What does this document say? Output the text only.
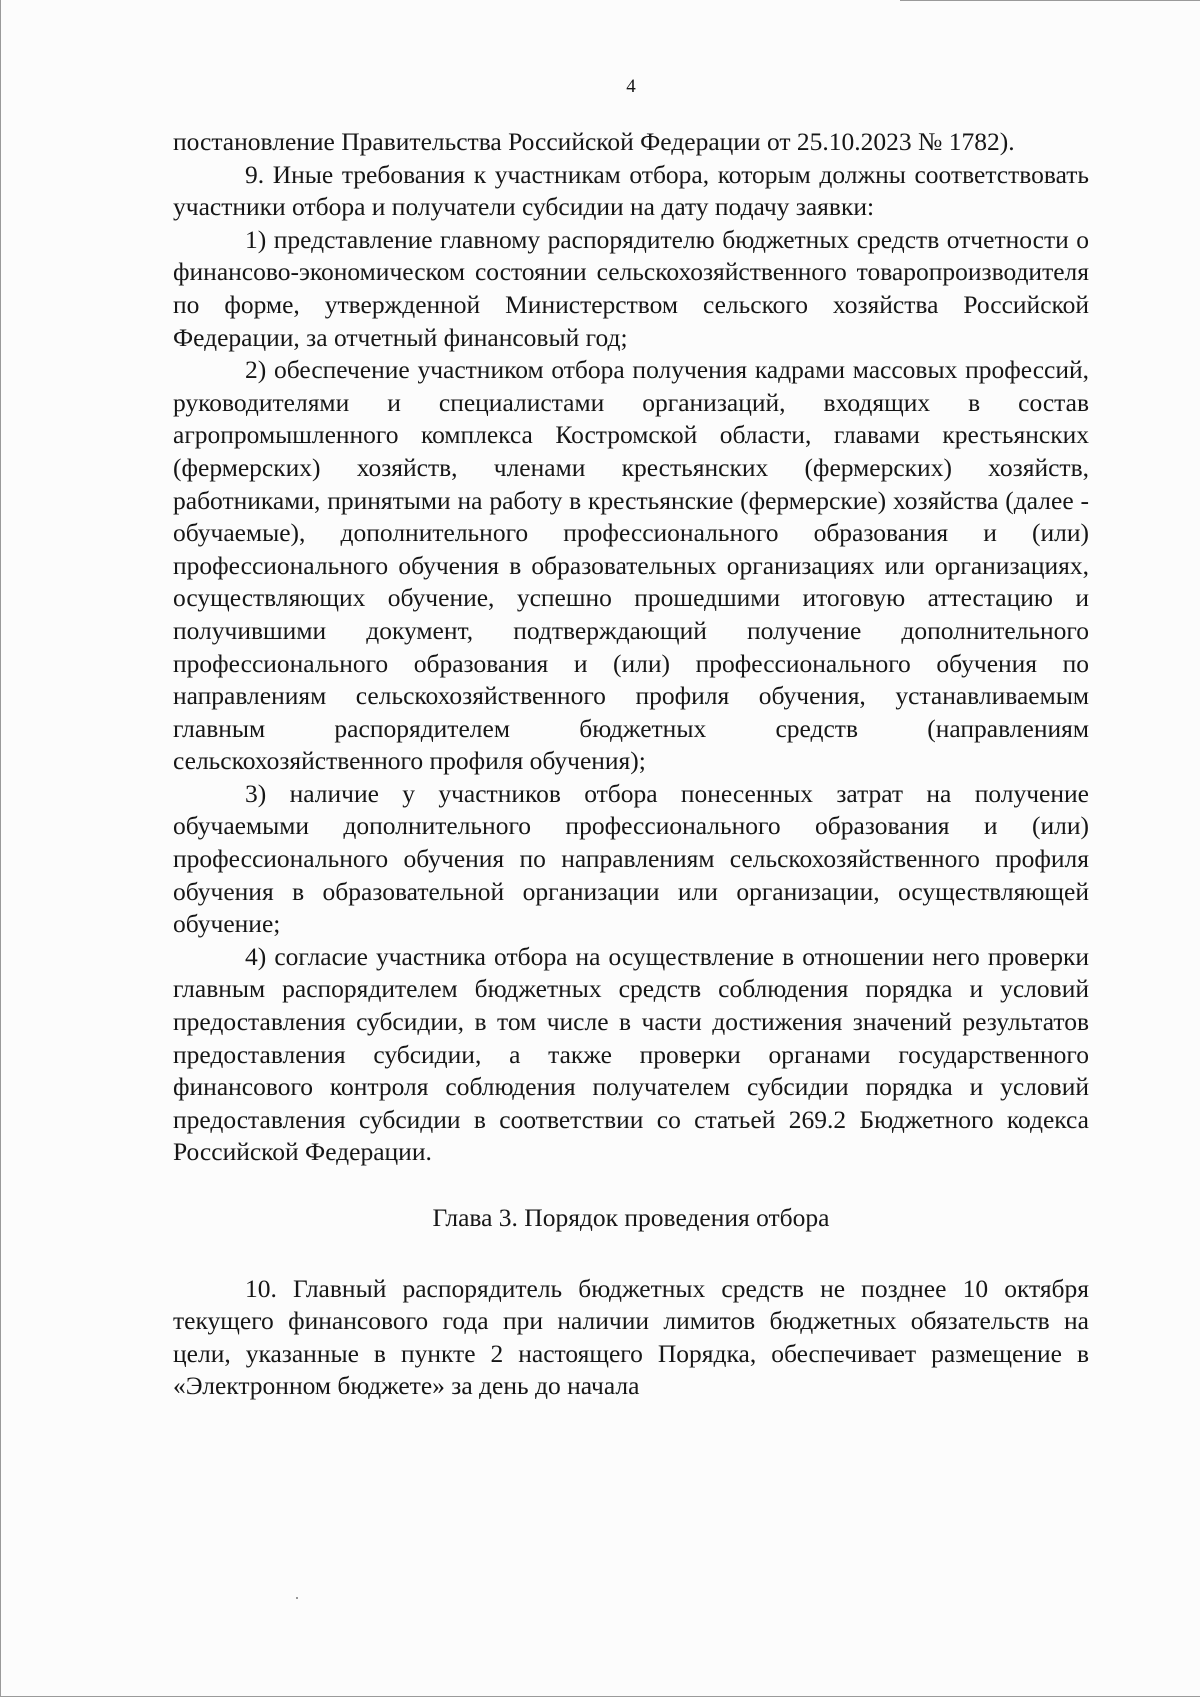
4

постановление Правительства Российской Федерации от 25.10.2023 № 1782).

9. Иные требования к участникам отбора, которым должны соответствовать участники отбора и получатели субсидии на дату подачу заявки:

1) представление главному распорядителю бюджетных средств отчетности о финансово-экономическом состоянии сельскохозяйственного товаропроизводителя по форме, утвержденной Министерством сельского хозяйства Российской Федерации, за отчетный финансовый год;

2) обеспечение участником отбора получения кадрами массовых профессий, руководителями и специалистами организаций, входящих в состав агропромышленного комплекса Костромской области, главами крестьянских (фермерских) хозяйств, членами крестьянских (фермерских) хозяйств, работниками, принятыми на работу в крестьянские (фермерские) хозяйства (далее - обучаемые), дополнительного профессионального образования и (или) профессионального обучения в образовательных организациях или организациях, осуществляющих обучение, успешно прошедшими итоговую аттестацию и получившими документ, подтверждающий получение дополнительного профессионального образования и (или) профессионального обучения по направлениям сельскохозяйственного профиля обучения, устанавливаемым главным распорядителем бюджетных средств (направлениям сельскохозяйственного профиля обучения);

3) наличие у участников отбора понесенных затрат на получение обучаемыми дополнительного профессионального образования и (или) профессионального обучения по направлениям сельскохозяйственного профиля обучения в образовательной организации или организации, осуществляющей обучение;

4) согласие участника отбора на осуществление в отношении него проверки главным распорядителем бюджетных средств соблюдения порядка и условий предоставления субсидии, в том числе в части достижения значений результатов предоставления субсидии, а также проверки органами государственного финансового контроля соблюдения получателем субсидии порядка и условий предоставления субсидии в соответствии со статьей 269.2 Бюджетного кодекса Российской Федерации.

Глава 3. Порядок проведения отбора

10. Главный распорядитель бюджетных средств не позднее 10 октября текущего финансового года при наличии лимитов бюджетных обязательств на цели, указанные в пункте 2 настоящего Порядка, обеспечивает размещение в «Электронном бюджете» за день до начала
